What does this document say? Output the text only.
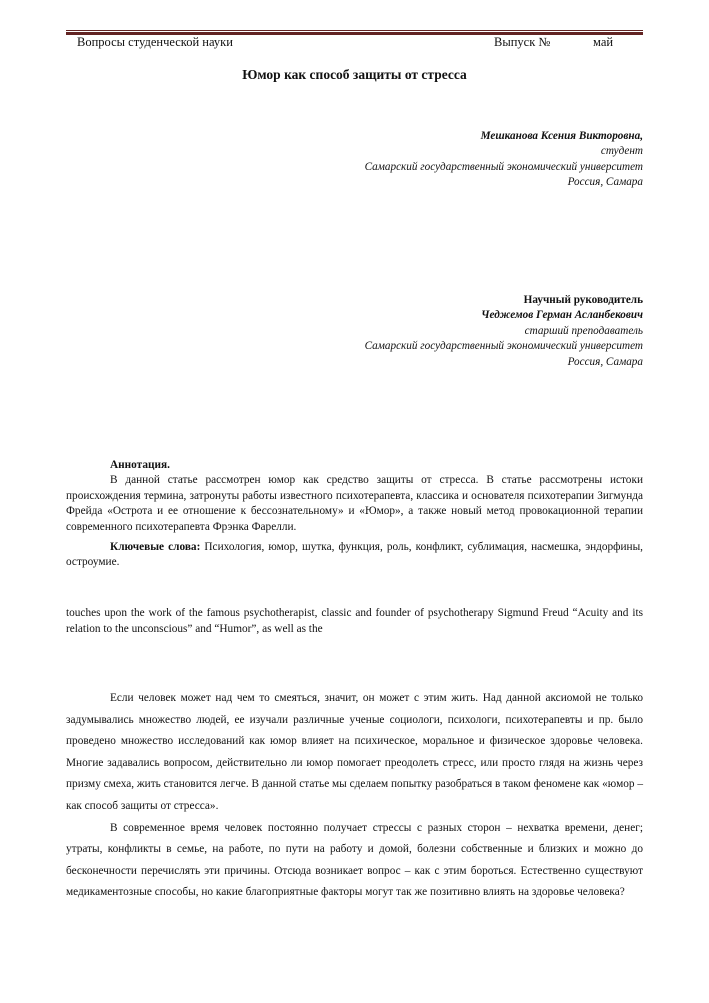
Вопросы студенческой науки	Выпуск №	май
Юмор как способ защиты от стресса
Мешканова Ксения Викторовна,
студент
Самарский государственный экономический университет
Россия, Самара
Научный руководитель
Чеджемов Герман Асланбекович
старший преподаватель
Самарский государственный экономический университет
Россия, Самара
Аннотация.

В данной статье рассмотрен юмор как средство защиты от стресса. В статье рассмотрены истоки происхождения термина, затронуты работы известного психотерапевта, классика и основателя психотерапии Зигмунда Фрейда «Острота и ее отношение к бессознательному» и «Юмор», а также новый метод провокационной терапии современного психотерапевта Фрэнка Фарелли.

Ключевые слова: Психология, юмор, шутка, функция, роль, конфликт, сублимация, насмешка, эндорфины, остроумие.

touches upon the work of the famous psychotherapist, classic and founder of psychotherapy Sigmund Freud “Acuity and its relation to the unconscious” and “Humor”, as well as the

Если человек может над чем то смеяться, значит, он может с этим жить. Над данной аксиомой не только задумывались множество людей, ее изучали различные ученые социологи, психологи, психотерапевты и пр. было проведено множество исследований как юмор влияет на психическое, моральное и физическое здоровье человека. Многие задавались вопросом, действительно ли юмор помогает преодолеть стресс, или просто глядя на жизнь через призму смеха, жить становится легче. В данной статье мы сделаем попытку разобраться в таком феномене как «юмор – как способ защиты от стресса».

В современное время человек постоянно получает стрессы с разных сторон – нехватка времени, денег; утраты, конфликты в семье, на работе, по пути на работу и домой, болезни собственные и близких и можно до бесконечности перечислять эти причины. Отсюда возникает вопрос – как с этим бороться. Естественно существуют медикаментозные способы, но какие благоприятные факторы могут так же позитивно влиять на здоровье человека?
